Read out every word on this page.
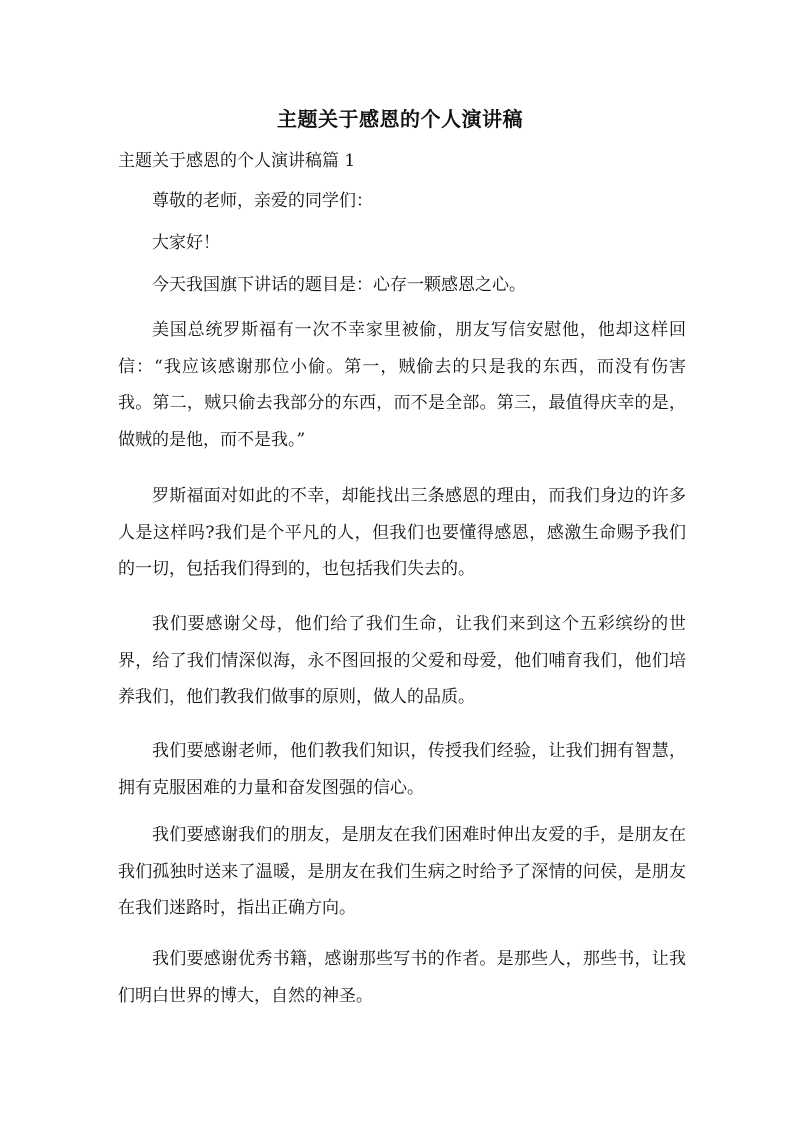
主题关于感恩的个人演讲稿
主题关于感恩的个人演讲稿篇 1

尊敬的老师，亲爱的同学们：

大家好！

今天我国旗下讲话的题目是：心存一颗感恩之心。

美国总统罗斯福有一次不幸家里被偷，朋友写信安慰他，他却这样回信：“我应该感谢那位小偷。第一，贼偷去的只是我的东西，而没有伤害我。第二，贼只偷去我部分的东西，而不是全部。第三，最值得庆幸的是，做贼的是他，而不是我。”

罗斯福面对如此的不幸，却能找出三条感恩的理由，而我们身边的许多人是这样吗?我们是个平凡的人，但我们也要懂得感恩，感激生命赐予我们的一切，包括我们得到的，也包括我们失去的。

我们要感谢父母，他们给了我们生命，让我们来到这个五彩缤纷的世界，给了我们情深似海，永不图回报的父爱和母爱，他们哺育我们，他们培养我们，他们教我们做事的原则，做人的品质。

我们要感谢老师，他们教我们知识，传授我们经验，让我们拥有智慧，拥有克服困难的力量和奋发图强的信心。

我们要感谢我们的朋友，是朋友在我们困难时伸出友爱的手，是朋友在我们孤独时送来了温暖，是朋友在我们生病之时给予了深情的问侯，是朋友在我们迷路时，指出正确方向。

我们要感谢优秀书籍，感谢那些写书的作者。是那些人，那些书，让我们明白世界的博大，自然的神圣。
